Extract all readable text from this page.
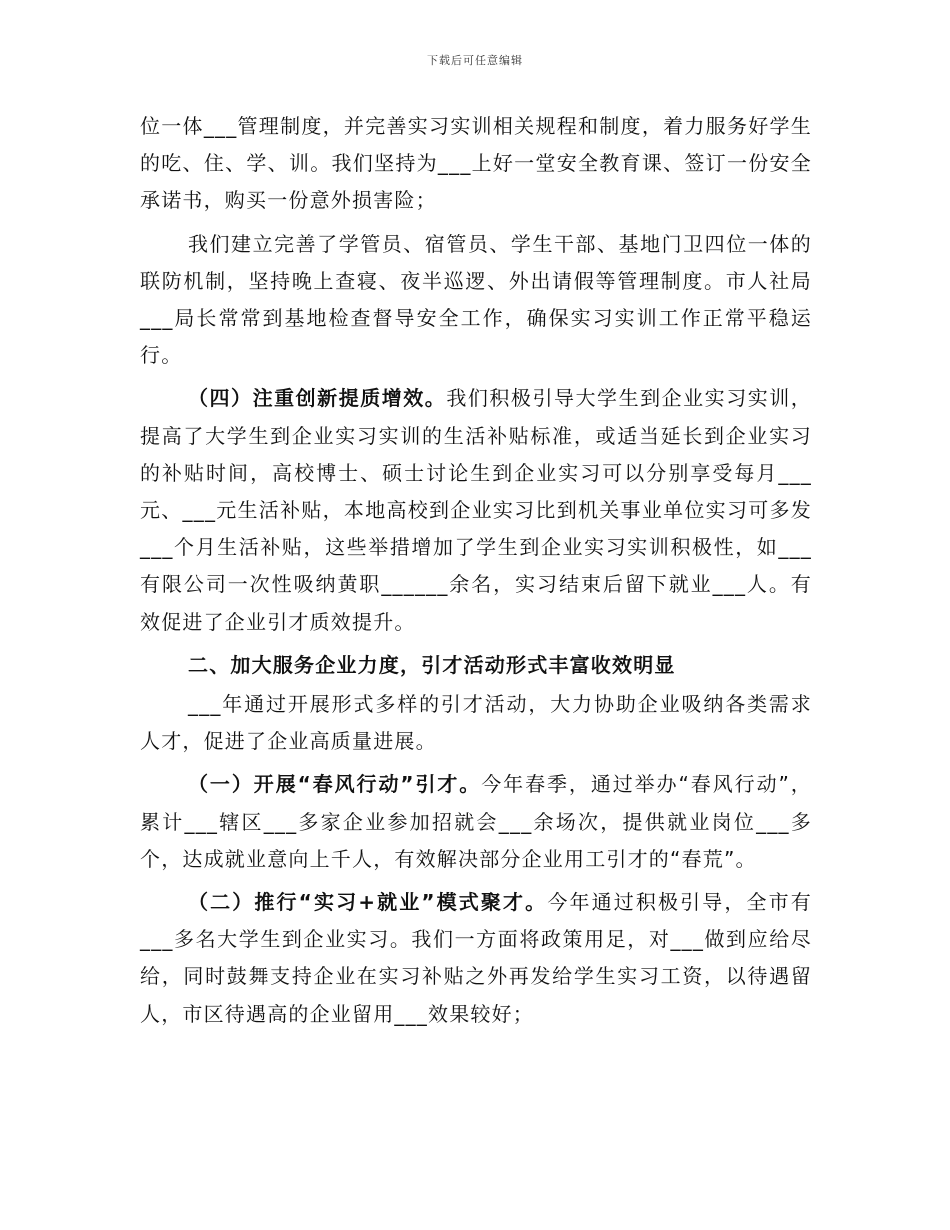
下载后可任意编辑

位一体___管理制度，并完善实习实训相关规程和制度，着力服务好学生的吃、住、学、训。我们坚持为___上好一堂安全教育课、签订一份安全承诺书，购买一份意外损害险；

我们建立完善了学管员、宿管员、学生干部、基地门卫四位一体的联防机制，坚持晚上查寝、夜半巡逻、外出请假等管理制度。市人社局___局长常常到基地检查督导安全工作，确保实习实训工作正常平稳运行。

（四）注重创新提质增效。我们积极引导大学生到企业实习实训，提高了大学生到企业实习实训的生活补贴标准，或适当延长到企业实习的补贴时间，高校博士、硕士讨论生到企业实习可以分别享受每月___元、___元生活补贴，本地高校到企业实习比到机关事业单位实习可多发___个月生活补贴，这些举措增加了学生到企业实习实训积极性，如___有限公司一次性吸纳黄职______余名，实习结束后留下就业___人。有效促进了企业引才质效提升。

二、加大服务企业力度，引才活动形式丰富收效明显

___年通过开展形式多样的引才活动，大力协助企业吸纳各类需求人才，促进了企业高质量进展。

（一）开展“春风行动”引才。今年春季，通过举办“春风行动”，累计___辖区___多家企业参加招就会___余场次，提供就业岗位___多个，达成就业意向上千人，有效解决部分企业用工引才的“春荒”。

（二）推行“实习+就业”模式聚才。今年通过积极引导，全市有___多名大学生到企业实习。我们一方面将政策用足，对___做到应给尽给，同时鼓舞支持企业在实习补贴之外再发给学生实习工资，以待遇留人，市区待遇高的企业留用___效果较好；
